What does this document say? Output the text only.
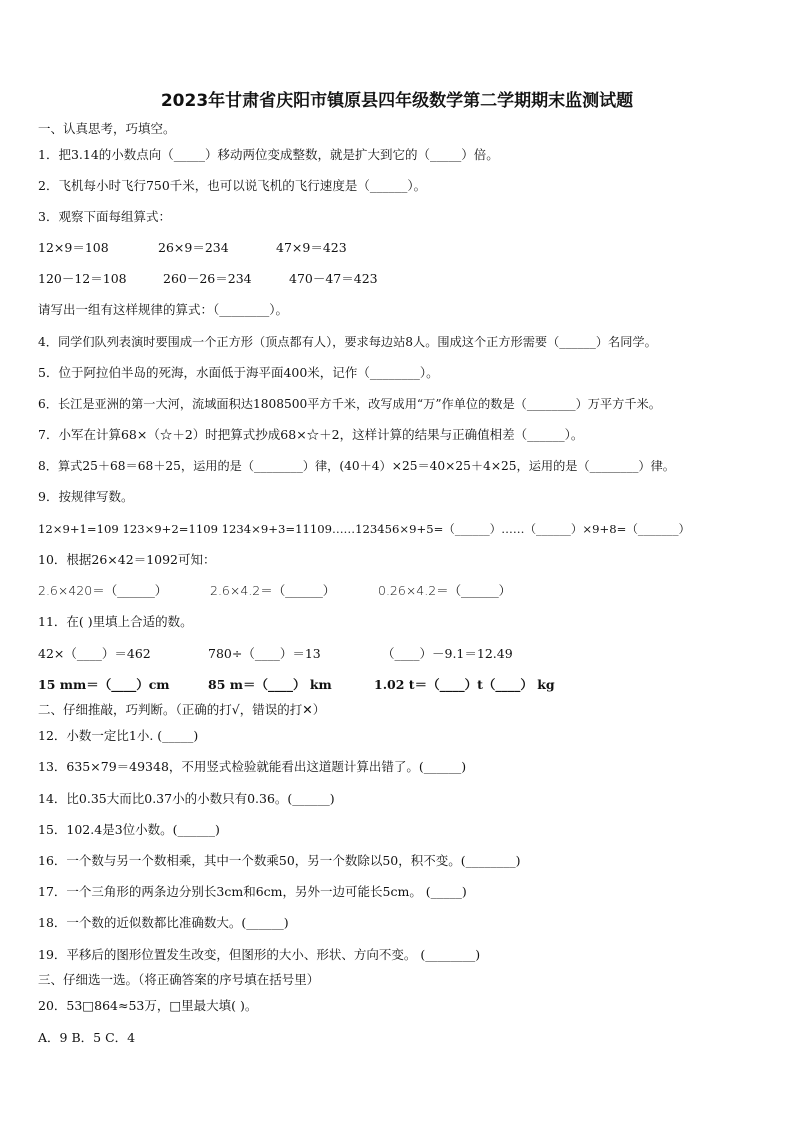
2023年甘肃省庆阳市镇原县四年级数学第二学期期末监测试题
一、认真思考，巧填空。
1．把3.14的小数点向（_____）移动两位变成整数，就是扩大到它的（_____）倍。
2．飞机每小时飞行750千米，也可以说飞机的飞行速度是（______）。
3．观察下面每组算式：
12×9＝108	26×9＝234	47×9＝423
120－12＝108	260－26＝234	470－47＝423
请写出一组有这样规律的算式：（________）。
4．同学们队列表演时要围成一个正方形（顶点都有人），要求每边站8人。围成这个正方形需要（______）名同学。
5．位于阿拉伯半岛的死海，水面低于海平面400米，记作（________）。
6．长江是亚洲的第一大河，流域面积达1808500平方千米，改写成用“万”作单位的数是（________）万平方千米。
7．小军在计算68×（☆＋2）时把算式抄成68×☆＋2，这样计算的结果与正确值相差（______）。
8．算式25＋68＝68＋25，运用的是（________）律，(40＋4）×25＝40×25＋4×25，运用的是（________）律。
9．按规律写数。
12×9+1=109 123×9+2=1109 1234×9+3=11109……123456×9+5=（______）……（______）×9+8=（_______）
10．根据26×42＝1092可知：
2.6×420＝（______）	2.6×4.2＝（______）	0.26×4.2＝（______）
11．在( )里填上合适的数。
42×（____）＝462	780÷（____）＝13	（____）－9.1＝12.49
15 mm＝（____）cm	85 m＝（____） km	1.02 t＝（____）t（____） kg
二、仔细推敲，巧判断。（正确的打√，错误的打✕）
12．小数一定比1小. (_____)
13．635×79＝49348，不用竖式检验就能看出这道题计算出错了。(______)
14．比0.35大而比0.37小的小数只有0.36。(______)
15．102.4是3位小数。(______)
16．一个数与另一个数相乘，其中一个数乘50，另一个数除以50，积不变。(________)
17．一个三角形的两条边分别长3cm和6cm，另外一边可能长5cm。 (_____)
18．一个数的近似数都比准确数大。(______)
19．平移后的图形位置发生改变，但图形的大小、形状、方向不变。 (________)
三、仔细选一选。（将正确答案的序号填在括号里）
20．53□864≈53万，□里最大填( )。
A．9 B．5 C．4
